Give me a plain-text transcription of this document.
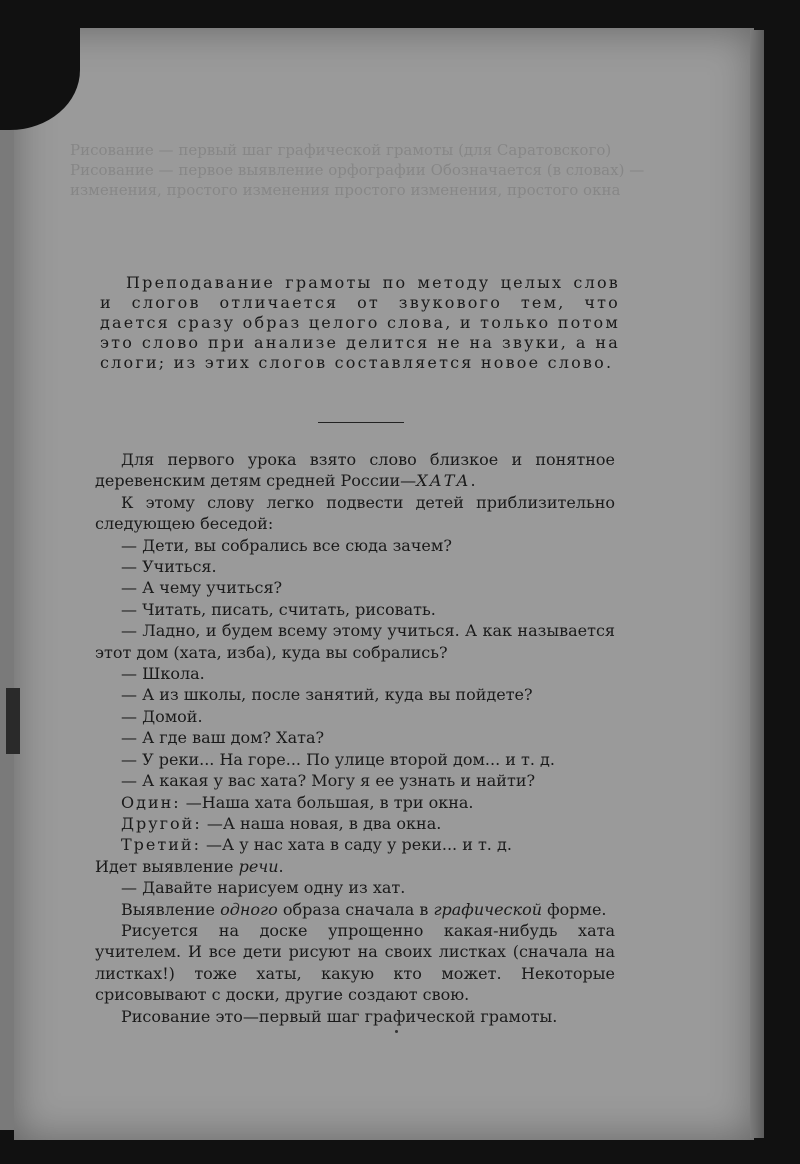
Рисование — первый шаг графической грамоты (для Саратовского) Рисование — первое выявление орфографии Обозначается (в словах) — изменения, простого изменения простого изменения, простого окна

Преподавание грамоты по методу целых слов и слогов отличается от звукового тем, что дается сразу образ целого слова, и только потом это слово при анализе делится не на звуки, а на слоги; из этих слогов составляется новое слово.

Для первого урока взято слово близкое и понятное деревенским детям средней России—ХАТА.

К этому слову легко подвести детей приблизительно следующею беседой:

— Дети, вы собрались все сюда зачем?

— Учиться.

— А чему учиться?

— Читать, писать, считать, рисовать.

— Ладно, и будем всему этому учиться. А как называется этот дом (хата, изба), куда вы собрались?

— Школа.

— А из школы, после занятий, куда вы пойдете?

— Домой.

— А где ваш дом? Хата?

— У реки... На горе... По улице второй дом... и т. д.

— А какая у вас хата? Могу я ее узнать и найти?

Один: —Наша хата большая, в три окна.

Другой: —А наша новая, в два окна.

Третий: —А у нас хата в саду у реки... и т. д.

Идет выявление речи.

— Давайте нарисуем одну из хат.

Выявление одного образа сначала в графической форме.

Рисуется на доске упрощенно какая-нибудь хата учителем. И все дети рисуют на своих листках (сначала на листках!) тоже хаты, какую кто может. Некоторые срисовывают с доски, другие создают свою.

Рисование это—первый шаг графической грамоты.
